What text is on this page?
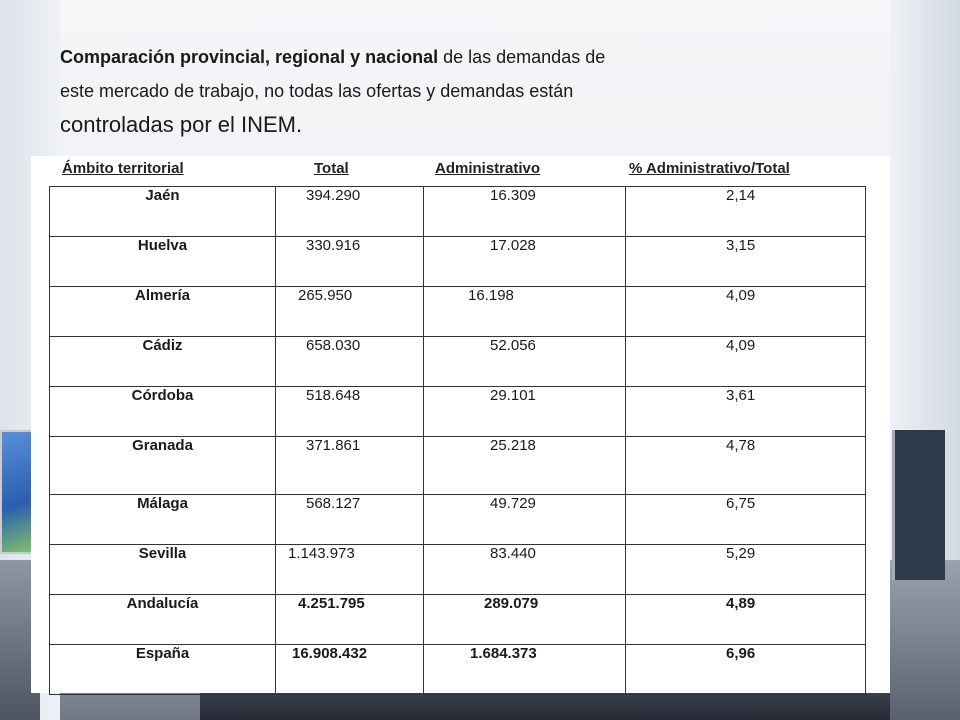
Comparación provincial, regional y nacional de las demandas de
este mercado de trabajo, no todas las ofertas y demandas están
controladas por el INEM.
Ámbito territorial	Total	Administrativo	% Administrativo/Total
Jaén	394.290	16.309	2,14
Huelva	330.916	17.028	3,15
Almería	265.950	16.198	4,09
Cádiz	658.030	52.056	4,09
Córdoba	518.648	29.101	3,61
Granada	371.861	25.218	4,78
Málaga	568.127	49.729	6,75
Sevilla	1.143.973	83.440	5,29
Andalucía	4.251.795	289.079	4,89
España	16.908.432	1.684.373	6,96
